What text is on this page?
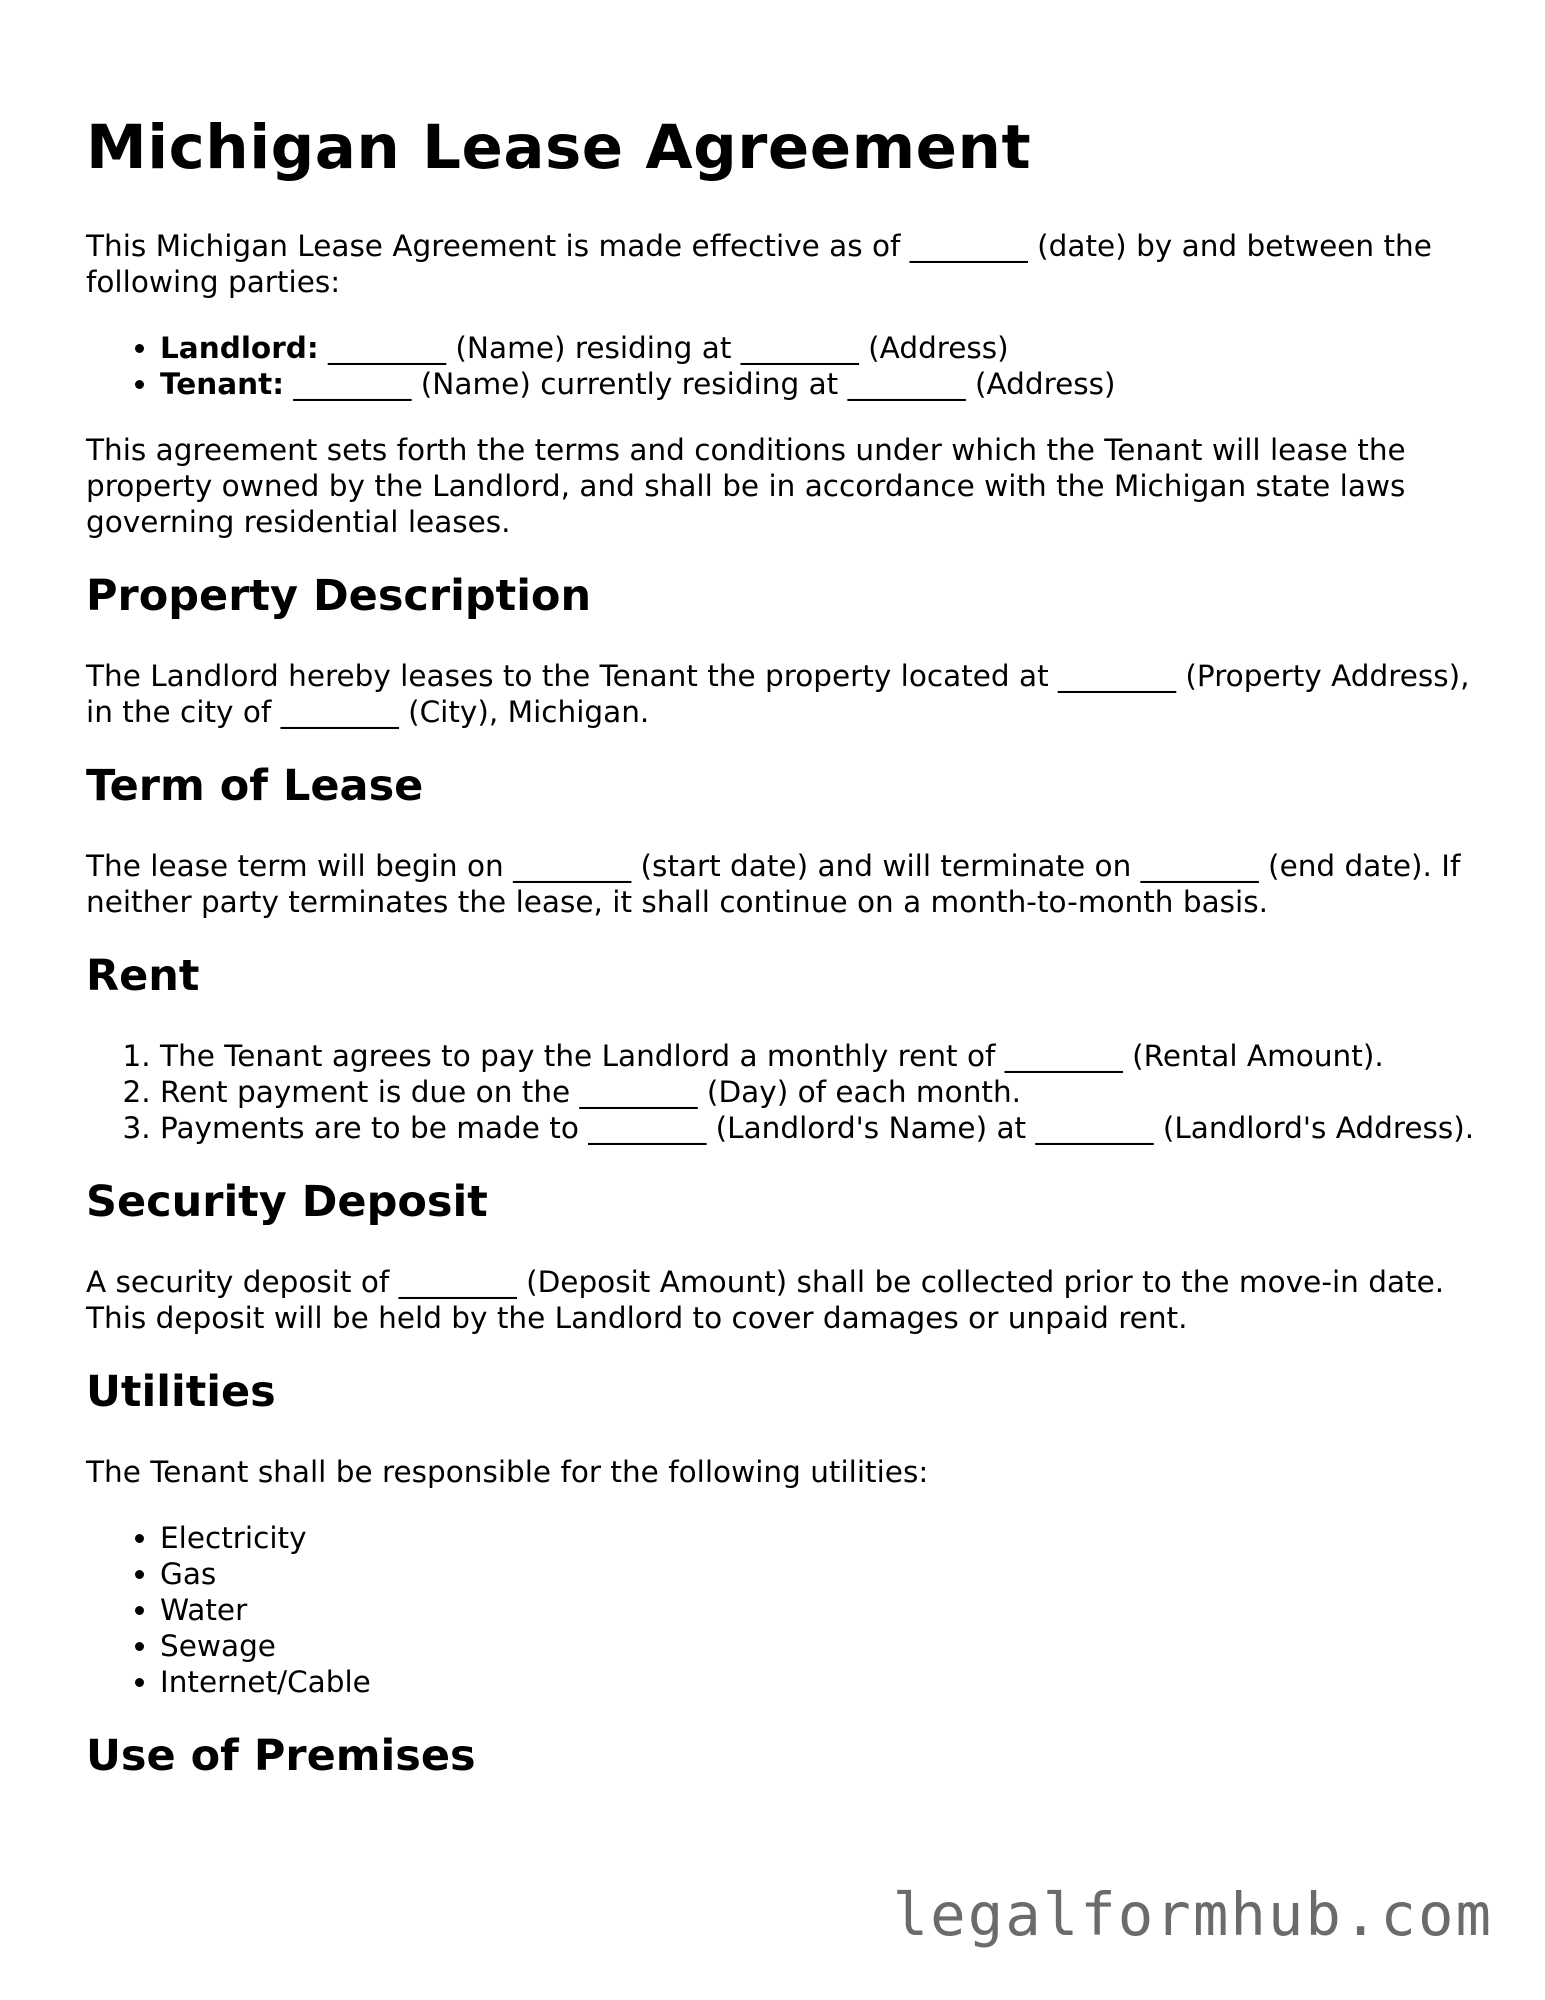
Michigan Lease Agreement

This Michigan Lease Agreement is made effective as of ________ (date) by and between the following parties:

• Landlord: ________ (Name) residing at ________ (Address)
• Tenant: ________ (Name) currently residing at ________ (Address)

This agreement sets forth the terms and conditions under which the Tenant will lease the property owned by the Landlord, and shall be in accordance with the Michigan state laws governing residential leases.

Property Description

The Landlord hereby leases to the Tenant the property located at ________ (Property Address), in the city of ________ (City), Michigan.

Term of Lease

The lease term will begin on ________ (start date) and will terminate on ________ (end date). If neither party terminates the lease, it shall continue on a month-to-month basis.

Rent
1. The Tenant agrees to pay the Landlord a monthly rent of ________ (Rental Amount).
2. Rent payment is due on the ________ (Day) of each month.
3. Payments are to be made to ________ (Landlord's Name) at ________ (Landlord's Address).
Security Deposit

A security deposit of ________ (Deposit Amount) shall be collected prior to the move-in date. This deposit will be held by the Landlord to cover damages or unpaid rent.

Utilities

The Tenant shall be responsible for the following utilities:

• Electricity
• Gas
• Water
• Sewage
• Internet/Cable
Use of Premises
legalformhub.com
